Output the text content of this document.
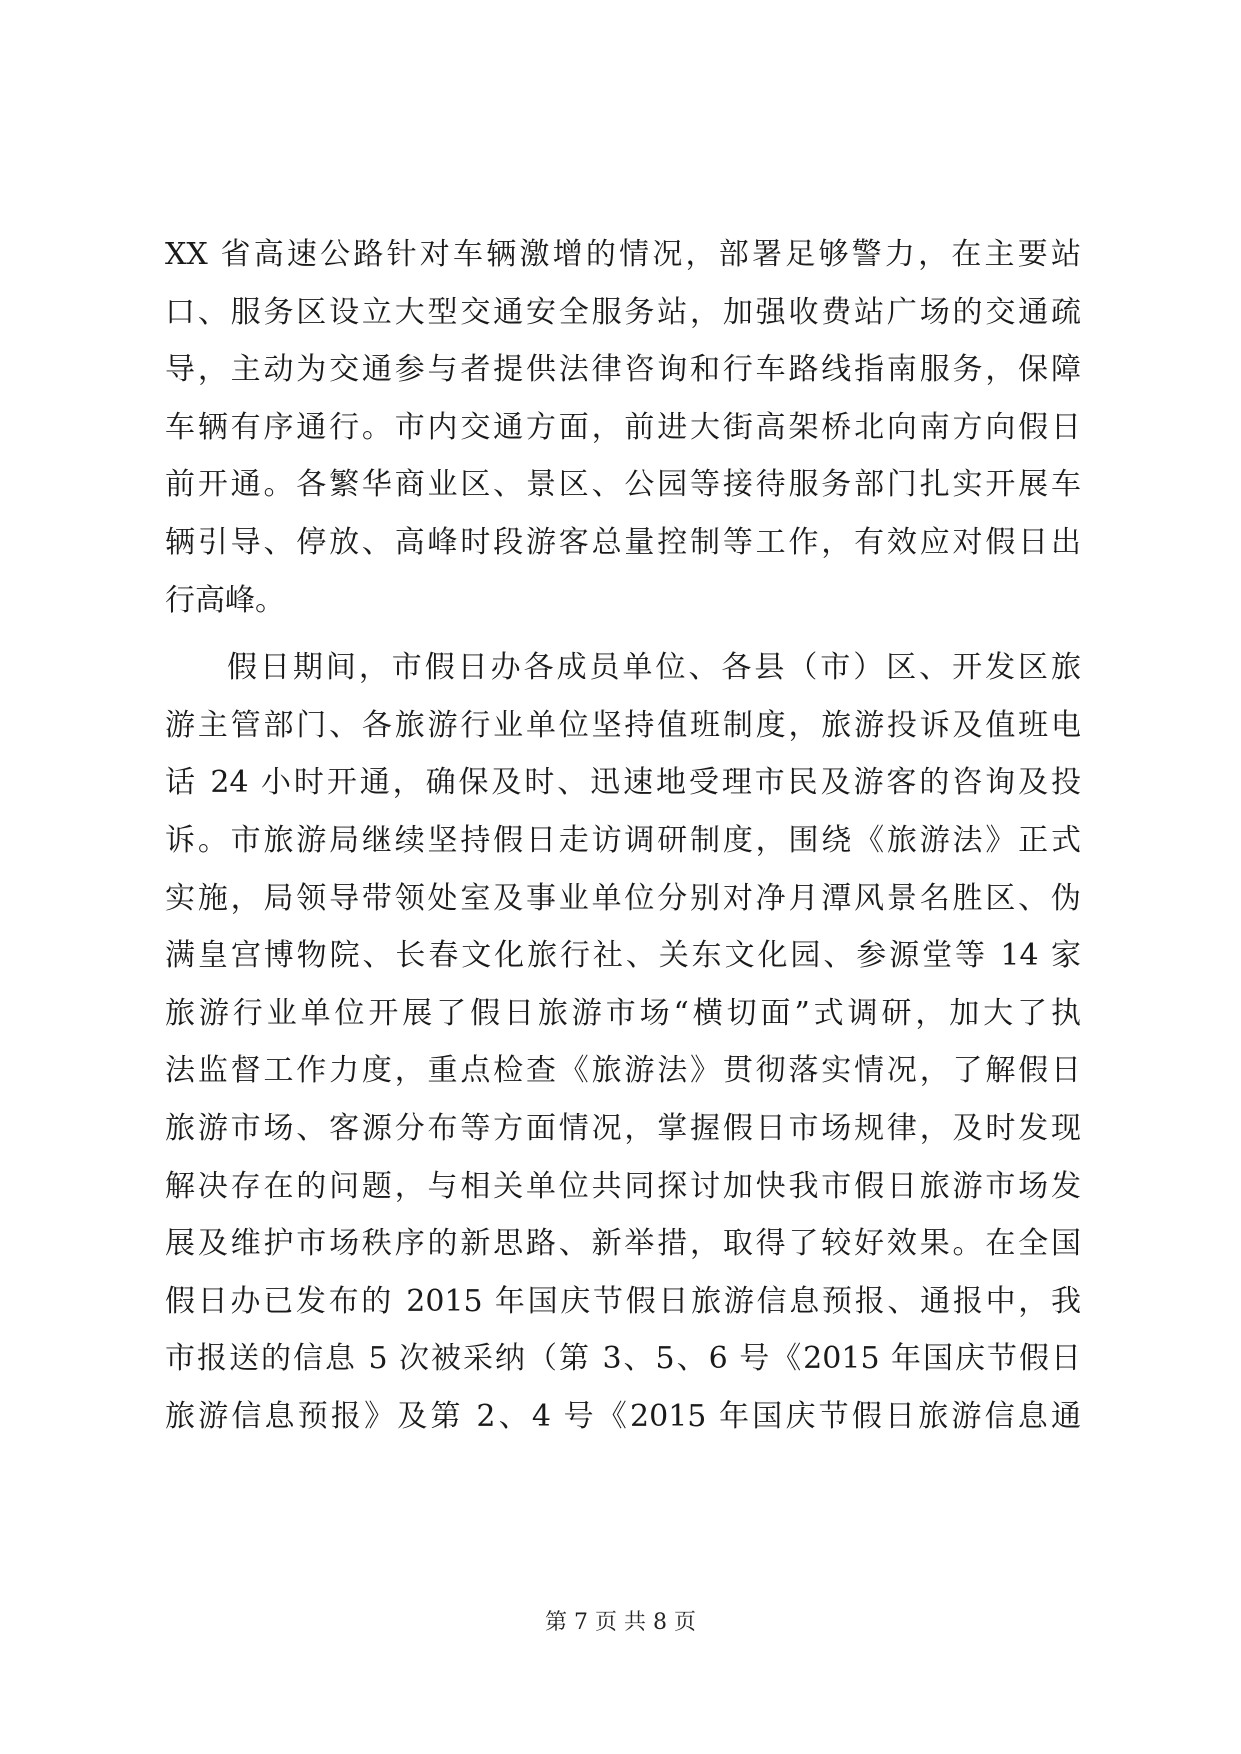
XX 省高速公路针对车辆激增的情况，部署足够警力，在主要站
口、服务区设立大型交通安全服务站，加强收费站广场的交通疏
导，主动为交通参与者提供法律咨询和行车路线指南服务，保障
车辆有序通行。市内交通方面，前进大街高架桥北向南方向假日
前开通。各繁华商业区、景区、公园等接待服务部门扎实开展车
辆引导、停放、高峰时段游客总量控制等工作，有效应对假日出
行高峰。
假日期间，市假日办各成员单位、各县（市）区、开发区旅
游主管部门、各旅游行业单位坚持值班制度，旅游投诉及值班电
话 24 小时开通，确保及时、迅速地受理市民及游客的咨询及投
诉。市旅游局继续坚持假日走访调研制度，围绕《旅游法》正式
实施，局领导带领处室及事业单位分别对净月潭风景名胜区、伪
满皇宫博物院、长春文化旅行社、关东文化园、参源堂等 14 家
旅游行业单位开展了假日旅游市场“横切面”式调研，加大了执
法监督工作力度，重点检查《旅游法》贯彻落实情况，了解假日
旅游市场、客源分布等方面情况，掌握假日市场规律，及时发现
解决存在的问题，与相关单位共同探讨加快我市假日旅游市场发
展及维护市场秩序的新思路、新举措，取得了较好效果。在全国
假日办已发布的 2015 年国庆节假日旅游信息预报、通报中，我
市报送的信息 5 次被采纳（第 3、5、6 号《2015 年国庆节假日
旅游信息预报》及第 2、4 号《2015 年国庆节假日旅游信息通
第 7 页 共 8 页
